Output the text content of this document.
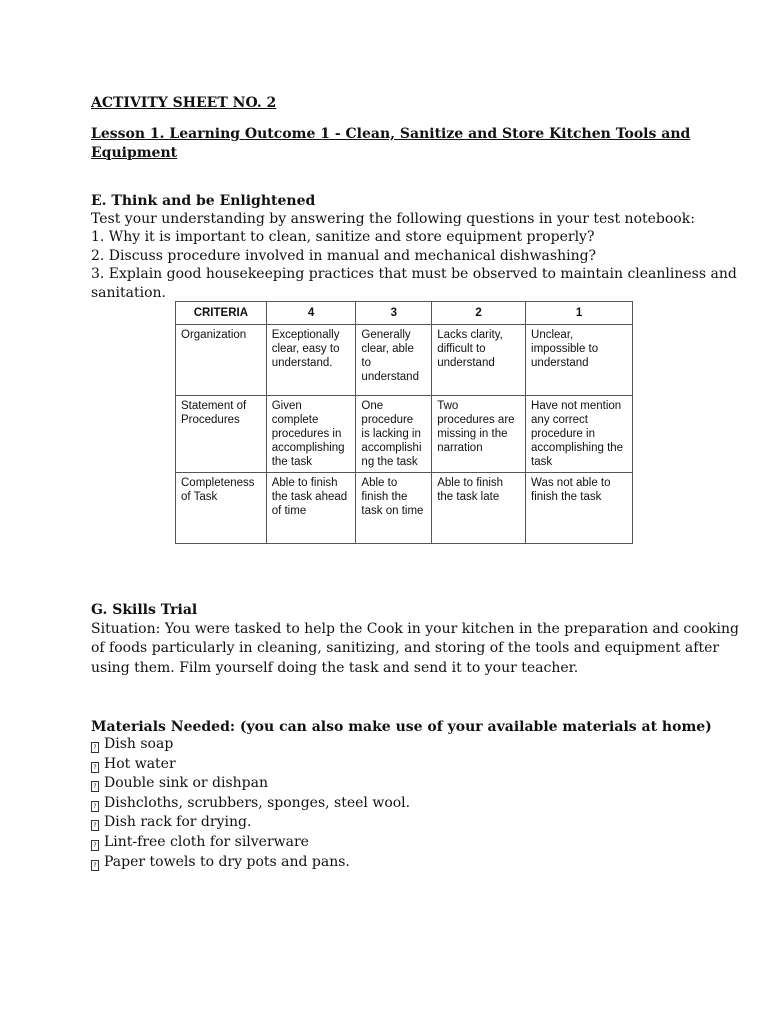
ACTIVITY SHEET NO. 2

Lesson 1. Learning Outcome 1 - Clean, Sanitize and Store Kitchen Tools and

Equipment

E. Think and be Enlightened

Test your understanding by answering the following questions in your test notebook:

1. Why it is important to clean, sanitize and store equipment properly?

2. Discuss procedure involved in manual and mechanical dishwashing?

3. Explain good housekeeping practices that must be observed to maintain cleanliness and

sanitation.

CRITERIA	4	3	2	1
Organization	Exceptionally
clear, easy to
understand.	Generally
clear, able
to
understand	Lacks clarity,
difficult to
understand	Unclear,
impossible to
understand
Statement of
Procedures	Given
complete
procedures in
accomplishing
the task	One
procedure
is lacking in
accomplishi
ng the task	Two
procedures are
missing in the
narration	Have not mention
any correct
procedure in
accomplishing the
task
Completeness
of Task	Able to finish
the task ahead
of time	Able to
finish the
task on time	Able to finish
the task late	Was not able to
finish the task

G. Skills Trial

Situation: You were tasked to help the Cook in your kitchen in the preparation and cooking

of foods particularly in cleaning, sanitizing, and storing of the tools and equipment after

using them. Film yourself doing the task and send it to your teacher.

Materials Needed: (you can also make use of your available materials at home)

? Dish soap
? Hot water
? Double sink or dishpan
? Dishcloths, scrubbers, sponges, steel wool.
? Dish rack for drying.
? Lint-free cloth for silverware
? Paper towels to dry pots and pans.
